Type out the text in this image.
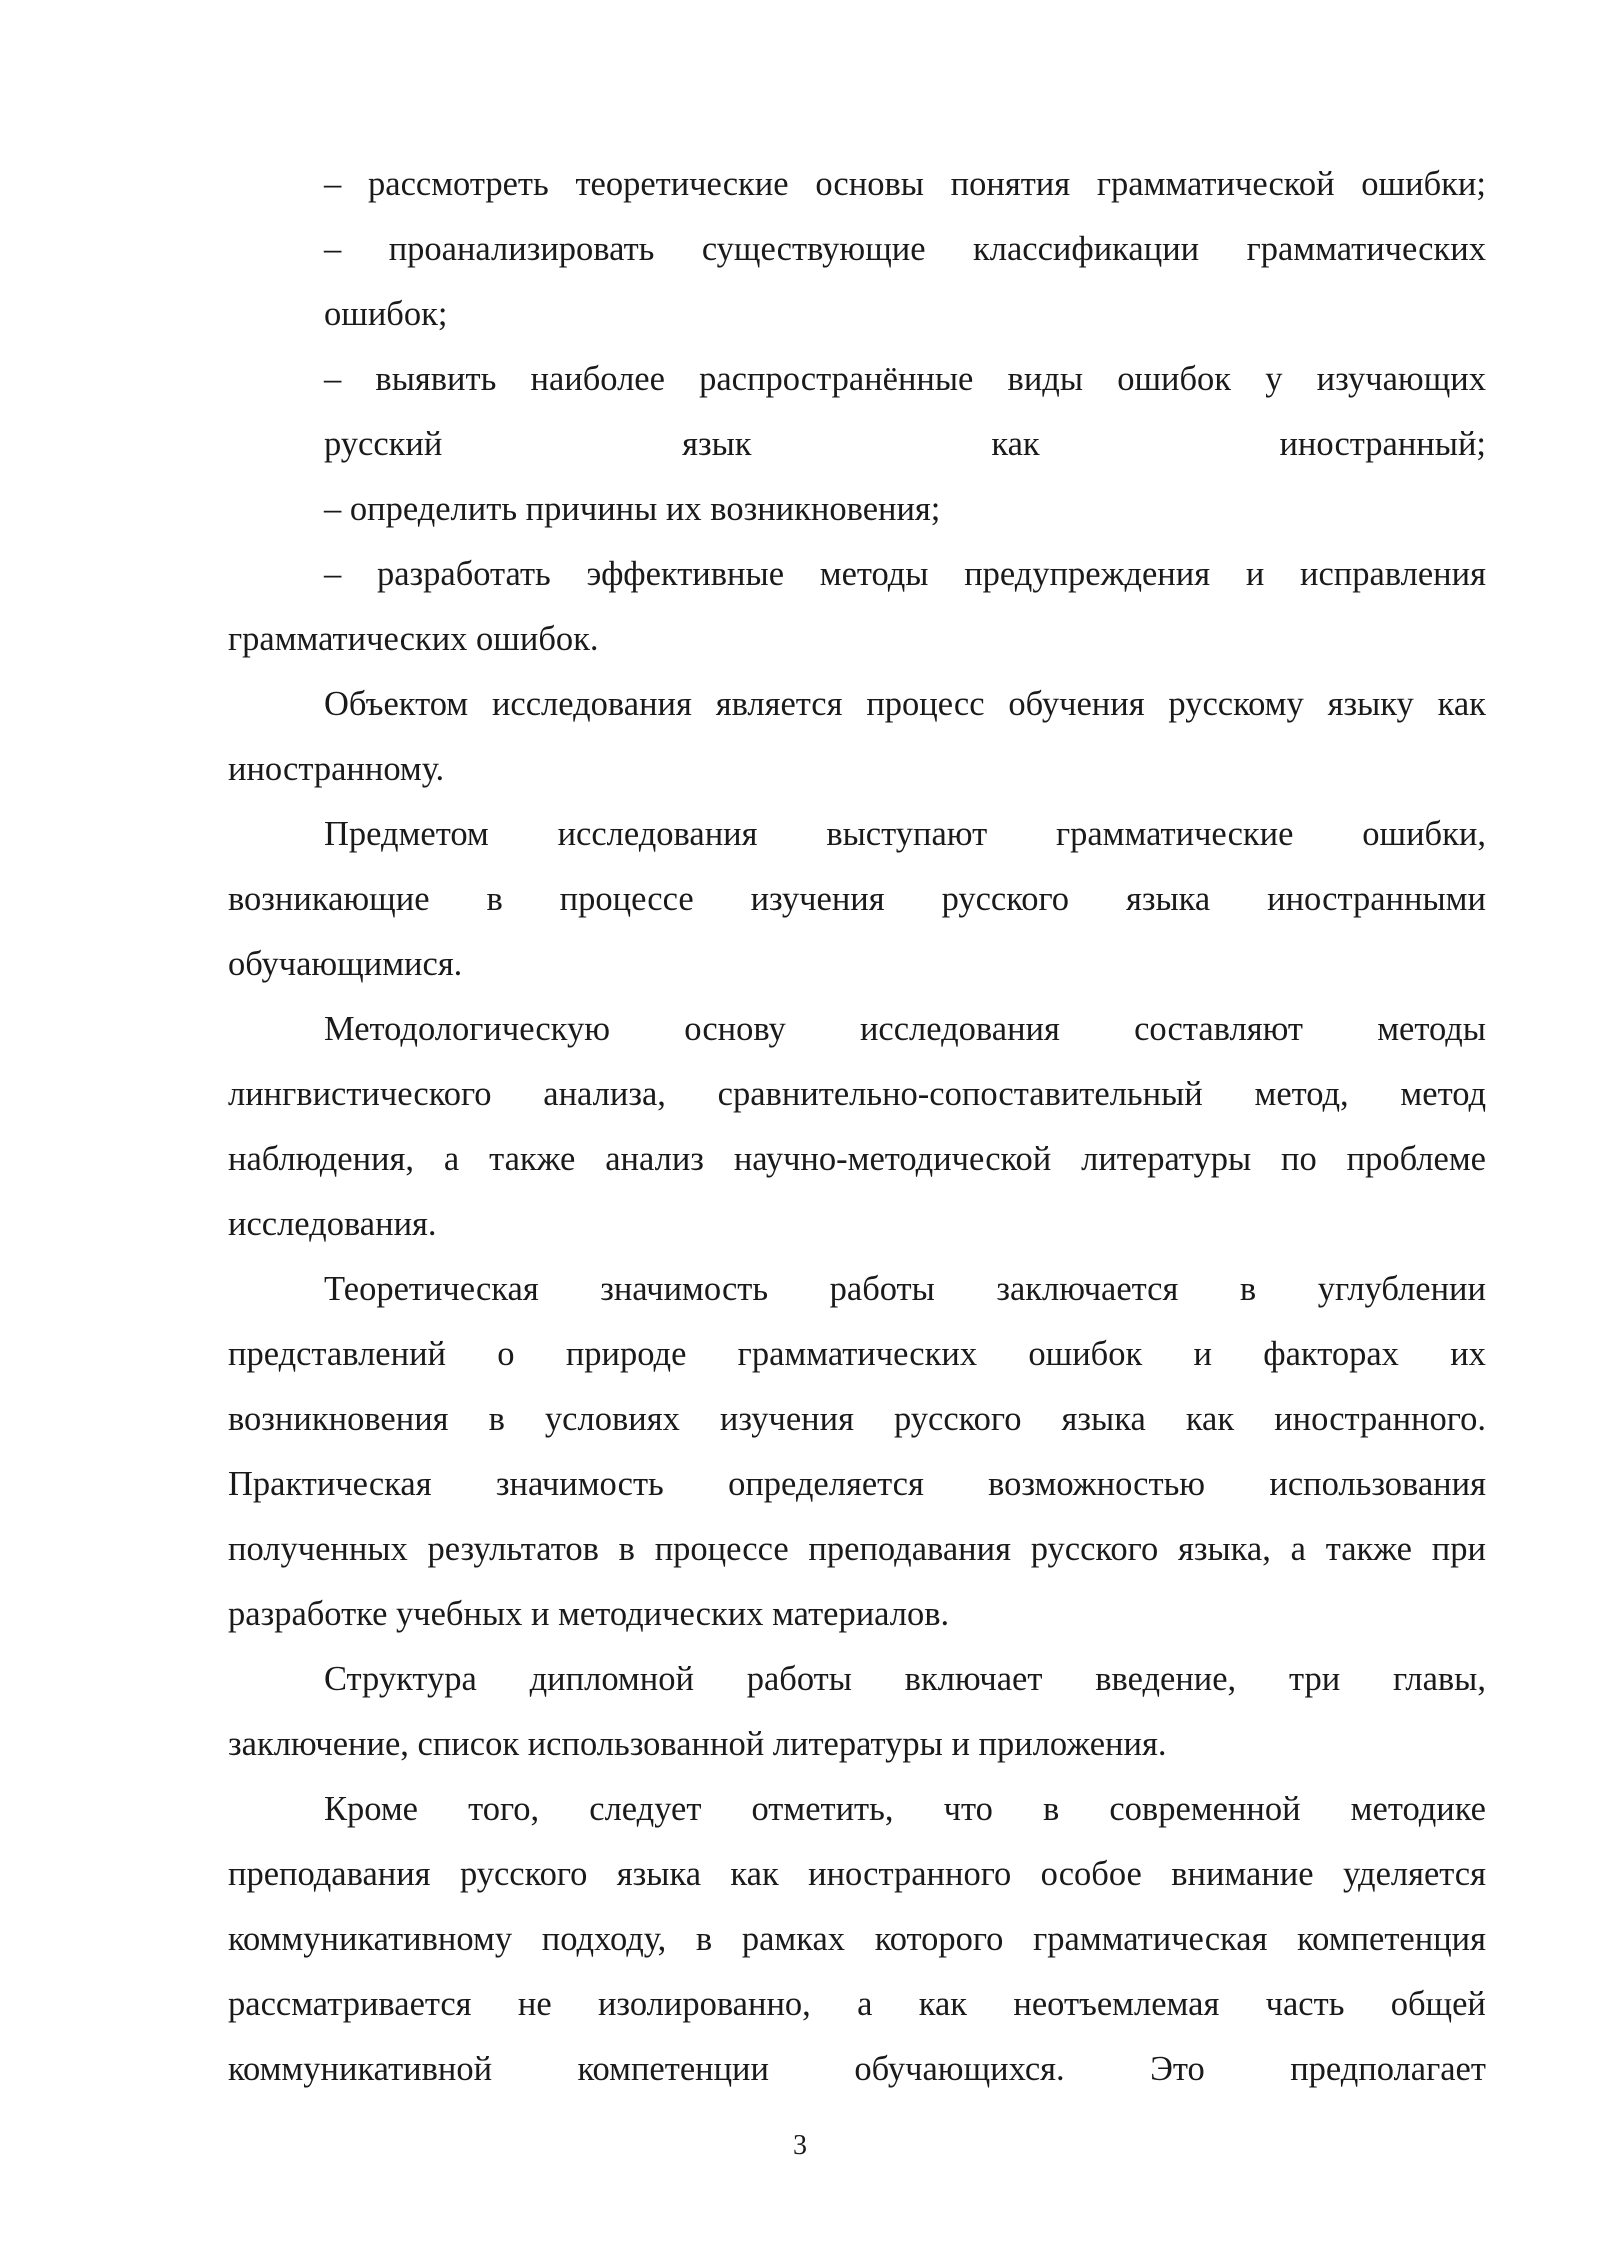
– рассмотреть теоретические основы понятия грамматической ошибки;
– проанализировать существующие классификации грамматических
ошибок;
– выявить наиболее распространённые виды ошибок у изучающих
русский	язык	как	иностранный;
– определить причины их возникновения;
– разработать эффективные методы предупреждения и исправления
грамматических ошибок.
Объектом исследования является процесс обучения русскому языку как
иностранному.
Предметом исследования выступают грамматические ошибки,
возникающие в процессе изучения русского языка иностранными
обучающимися.
Методологическую основу исследования составляют методы
лингвистического анализа, сравнительно-сопоставительный метод, метод
наблюдения, а также анализ научно-методической литературы по проблеме
исследования.
Теоретическая значимость работы заключается в углублении
представлений о природе грамматических ошибок и факторах их
возникновения в условиях изучения русского языка как иностранного.
Практическая значимость определяется возможностью использования
полученных результатов в процессе преподавания русского языка, а также при
разработке учебных и методических материалов.
Структура дипломной работы включает введение, три главы,
заключение, список использованной литературы и приложения.
Кроме того, следует отметить, что в современной методике
преподавания русского языка как иностранного особое внимание уделяется
коммуникативному подходу, в рамках которого грамматическая компетенция
рассматривается не изолированно, а как неотъемлемая часть общей
коммуникативной компетенции обучающихся. Это предполагает
3
